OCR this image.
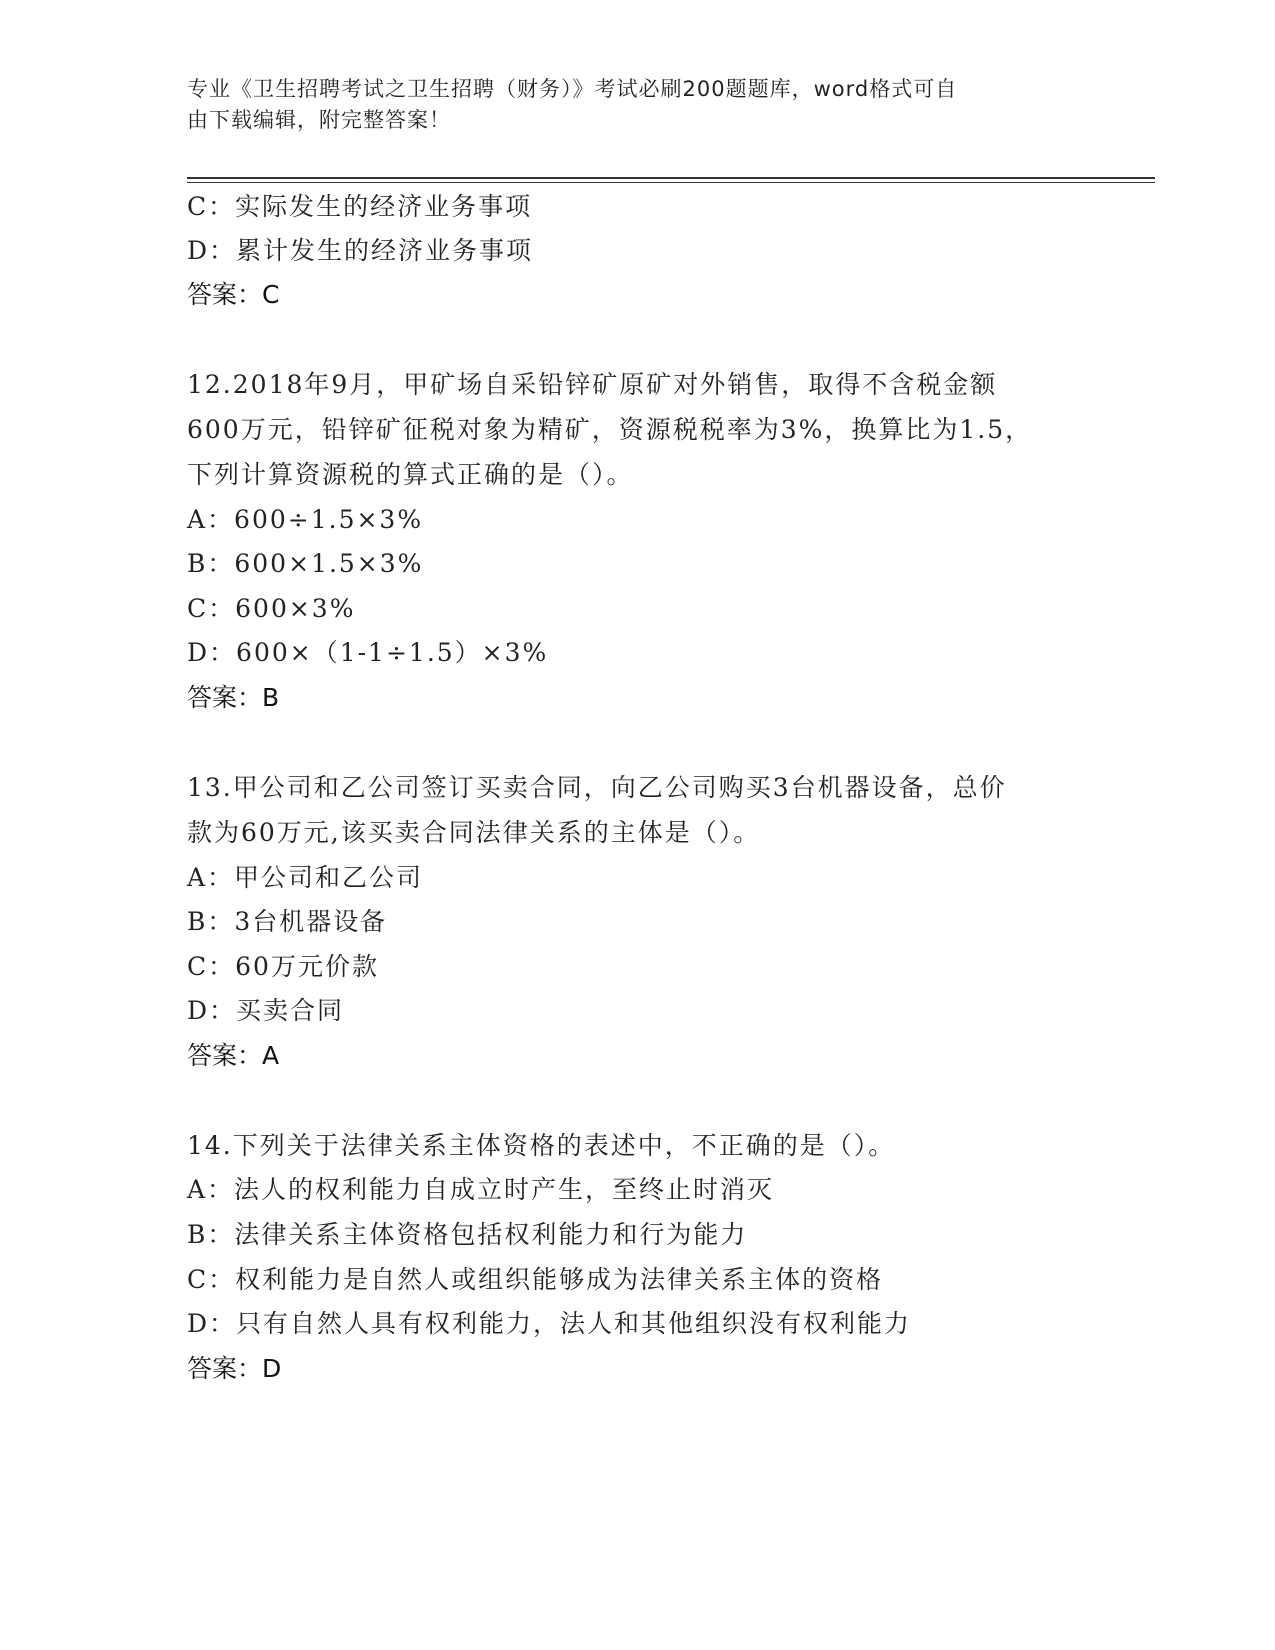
专业《卫生招聘考试之卫生招聘（财务）》考试必刷200题题库，word格式可自
由下载编辑，附完整答案！
C：实际发生的经济业务事项
D：累计发生的经济业务事项
答案：C
12.2018年9月，甲矿场自采铅锌矿原矿对外销售，取得不含税金额
600万元，铅锌矿征税对象为精矿，资源税税率为3%，换算比为1.5，
下列计算资源税的算式正确的是（）。
A：600÷1.5×3%
B：600×1.5×3%
C：600×3%
D：600×（1-1÷1.5）×3%
答案：B
13.甲公司和乙公司签订买卖合同，向乙公司购买3台机器设备，总价
款为60万元,该买卖合同法律关系的主体是（）。
A：甲公司和乙公司
B：3台机器设备
C：60万元价款
D：买卖合同
答案：A
14.下列关于法律关系主体资格的表述中，不正确的是（）。
A：法人的权利能力自成立时产生，至终止时消灭
B：法律关系主体资格包括权利能力和行为能力
C：权利能力是自然人或组织能够成为法律关系主体的资格
D：只有自然人具有权利能力，法人和其他组织没有权利能力
答案：D
